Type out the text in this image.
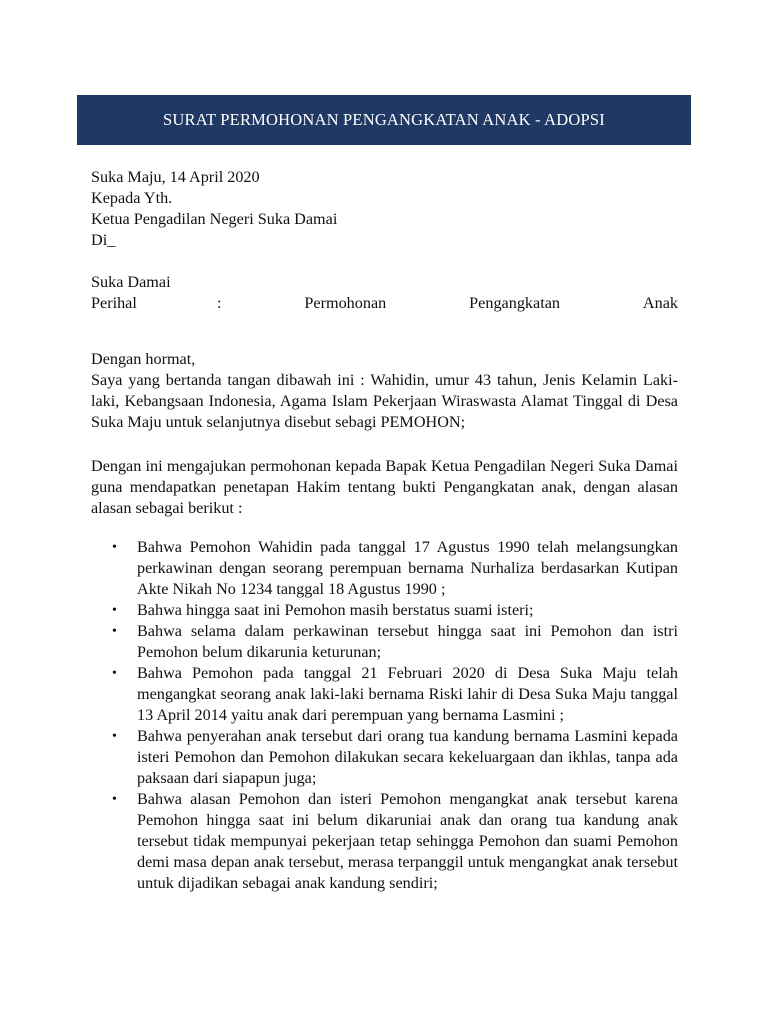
SURAT PERMOHONAN PENGANGKATAN ANAK - ADOPSI
Suka Maju, 14 April 2020
Kepada Yth.
Ketua Pengadilan Negeri Suka Damai
Di_
Suka Damai
Perihal	:	Permohonan	Pengangkatan	Anak
Dengan hormat,
Saya yang bertanda tangan dibawah ini : Wahidin, umur 43 tahun, Jenis Kelamin Laki-laki, Kebangsaan Indonesia, Agama Islam Pekerjaan Wiraswasta Alamat Tinggal di Desa Suka Maju untuk selanjutnya disebut sebagi PEMOHON;
Dengan ini mengajukan permohonan kepada Bapak Ketua Pengadilan Negeri Suka Damai guna mendapatkan penetapan Hakim tentang bukti Pengangkatan anak, dengan alasan alasan sebagai berikut :
• Bahwa Pemohon Wahidin pada tanggal 17 Agustus 1990 telah melangsungkan perkawinan dengan seorang perempuan bernama Nurhaliza berdasarkan Kutipan Akte Nikah No 1234 tanggal 18 Agustus 1990 ;
• Bahwa hingga saat ini Pemohon masih berstatus suami isteri;
• Bahwa selama dalam perkawinan tersebut hingga saat ini Pemohon dan istri Pemohon belum dikarunia keturunan;
• Bahwa Pemohon pada tanggal 21 Februari 2020 di Desa Suka Maju telah mengangkat seorang anak laki-laki bernama Riski lahir di Desa Suka Maju tanggal 13 April 2014 yaitu anak dari perempuan yang bernama Lasmini ;
• Bahwa penyerahan anak tersebut dari orang tua kandung bernama Lasmini kepada isteri Pemohon dan Pemohon dilakukan secara kekeluargaan dan ikhlas, tanpa ada paksaan dari siapapun juga;
• Bahwa alasan Pemohon dan isteri Pemohon mengangkat anak tersebut karena Pemohon hingga saat ini belum dikaruniai anak dan orang tua kandung anak tersebut tidak mempunyai pekerjaan tetap sehingga Pemohon dan suami Pemohon demi masa depan anak tersebut, merasa terpanggil untuk mengangkat anak tersebut untuk dijadikan sebagai anak kandung sendiri;
